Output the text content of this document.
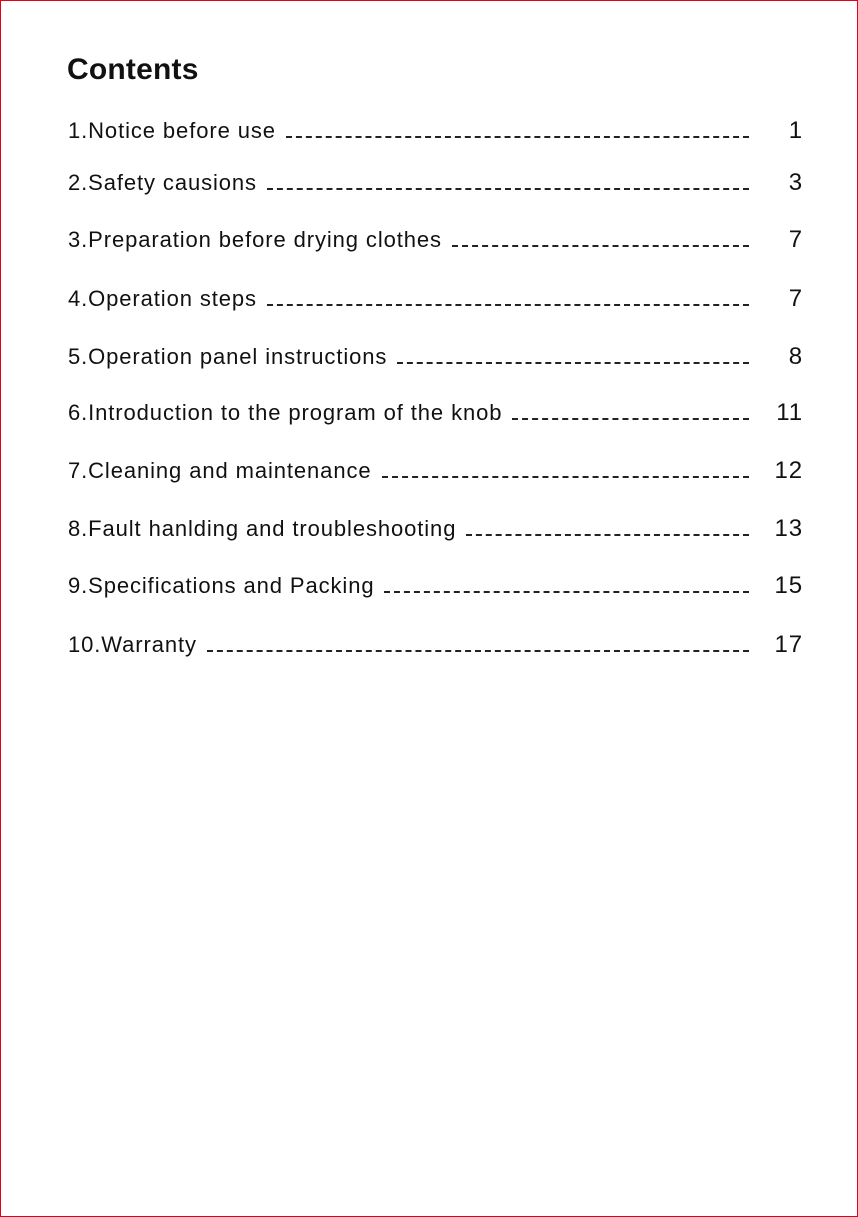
Contents
1.Notice before use	1
2.Safety causions	3
3.Preparation before drying clothes	7
4.Operation steps	7
5.Operation panel instructions	8
6.Introduction to the program of the knob	11
7.Cleaning and maintenance	12
8.Fault hanlding and troubleshooting	13
9.Specifications and Packing	15
10.Warranty	17
